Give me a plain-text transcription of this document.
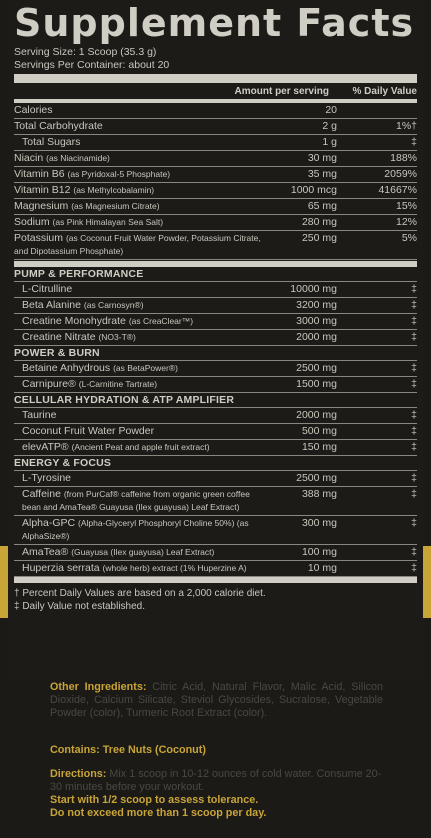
Supplement Facts
Serving Size: 1 Scoop (35.3 g)
Servings Per Container: about 20
Amount per serving	% Daily Value
Calories	20
Total Carbohydrate	2 g	1%†
Total Sugars	1 g	‡
Niacin (as Niacinamide)	30 mg	188%
Vitamin B6 (as Pyridoxal-5 Phosphate)	35 mg	2059%
Vitamin B12 (as Methylcobalamin)	1000 mcg	41667%
Magnesium (as Magnesium Citrate)	65 mg	15%
Sodium (as Pink Himalayan Sea Salt)	280 mg	12%
Potassium (as Coconut Fruit Water Powder, Potassium Citrate, and Dipotassium Phosphate)
250 mg	5%
PUMP & PERFORMANCE
L-Citrulline	10000 mg	‡
Beta Alanine (as Carnosyn®)	3200 mg	‡
Creatine Monohydrate (as CreaClear™)	3000 mg	‡
Creatine Nitrate (NO3-T®)	2000 mg	‡
POWER & BURN
Betaine Anhydrous (as BetaPower®)	2500 mg	‡
Carnipure® (L-Carnitine Tartrate)	1500 mg	‡
CELLULAR HYDRATION & ATP AMPLIFIER
Taurine	2000 mg	‡
Coconut Fruit Water Powder	500 mg	‡
elevATP® (Ancient Peat and apple fruit extract)	150 mg	‡
ENERGY & FOCUS
L-Tyrosine	2500 mg	‡
Caffeine (from PurCaf® caffeine from organic green coffee bean and AmaTea® Guayusa (Ilex guayusa) Leaf Extract)
388 mg	‡
Alpha-GPC (Alpha-Glyceryl Phosphoryl Choline 50%) (as AlphaSize®)
300 mg	‡
AmaTea® (Guayusa (Ilex guayusa) Leaf Extract)	100 mg	‡
Huperzia serrata (whole herb) extract (1% Huperzine A)	10 mg	‡
† Percent Daily Values are based on a 2,000 calorie diet.
‡ Daily Value not established.
Other Ingredients: Citric Acid, Natural Flavor, Malic Acid, Silicon Dioxide, Calcium Silicate, Steviol Glycosides, Sucralose, Vegetable Powder (color), Turmeric Root Extract (color).
Contains: Tree Nuts (Coconut)
Directions: Mix 1 scoop in 10-12 ounces of cold water. Consume 20-30 minutes before your workout.
Start with 1/2 scoop to assess tolerance.
Do not exceed more than 1 scoop per day.
